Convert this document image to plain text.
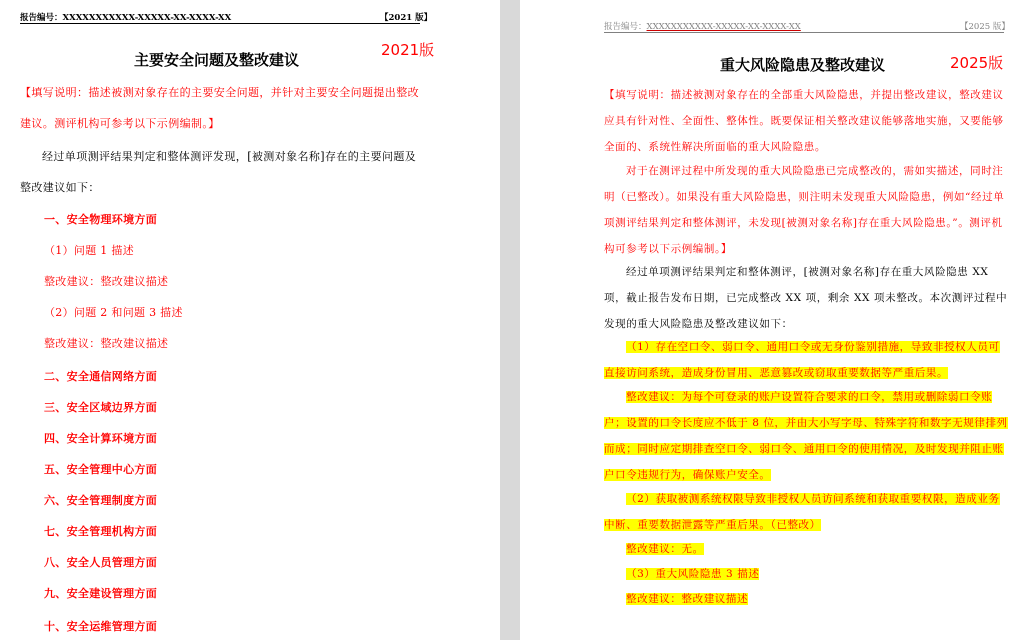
报告编号：XXXXXXXXXXX-XXXXX-XX-XXXX-XX	【2021 版】
2021版
主要安全问题及整改建议
【填写说明：描述被测对象存在的主要安全问题，并针对主要安全问题提出整改建议。测评机构可参考以下示例编制。】
经过单项测评结果判定和整体测评发现，[被测对象名称]存在的主要问题及整改建议如下：
一、安全物理环境方面
（1）问题 1 描述
整改建议：整改建议描述
（2）问题 2 和问题 3 描述
整改建议：整改建议描述
二、安全通信网络方面
三、安全区域边界方面
四、安全计算环境方面
五、安全管理中心方面
六、安全管理制度方面
七、安全管理机构方面
八、安全人员管理方面
九、安全建设管理方面
十、安全运维管理方面
报告编号：XXXXXXXXXXX-XXXXX-XX-XXXX-XX	【2025 版】
重大风险隐患及整改建议	2025版
【填写说明：描述被测对象存在的全部重大风险隐患，并提出整改建议，整改建议应具有针对性、全面性、整体性。既要保证相关整改建议能够落地实施，又要能够全面的、系统性解决所面临的重大风险隐患。
对于在测评过程中所发现的重大风险隐患已完成整改的，需如实描述，同时注明（已整改）。如果没有重大风险隐患，则注明未发现重大风险隐患，例如“经过单项测评结果判定和整体测评，未发现[被测对象名称]存在重大风险隐患。”。测评机构可参考以下示例编制。】
经过单项测评结果判定和整体测评，[被测对象名称]存在重大风险隐患 XX 项，截止报告发布日期，已完成整改 XX 项，剩余 XX 项未整改。本次测评过程中发现的重大风险隐患及整改建议如下：
（1）存在空口令、弱口令、通用口令或无身份鉴别措施，导致非授权人员可直接访问系统，造成身份冒用、恶意篡改或窃取重要数据等严重后果。
整改建议：为每个可登录的账户设置符合要求的口令，禁用或删除弱口令账户；设置的口令长度应不低于 8 位，并由大小写字母、特殊字符和数字无规律排列而成；同时应定期排查空口令、弱口令、通用口令的使用情况，及时发现并阻止账户口令违规行为，确保账户安全。
（2）获取被测系统权限导致非授权人员访问系统和获取重要权限，造成业务中断、重要数据泄露等严重后果。（已整改）
整改建议：无。
（3）重大风险隐患 3 描述
整改建议：整改建议描述
